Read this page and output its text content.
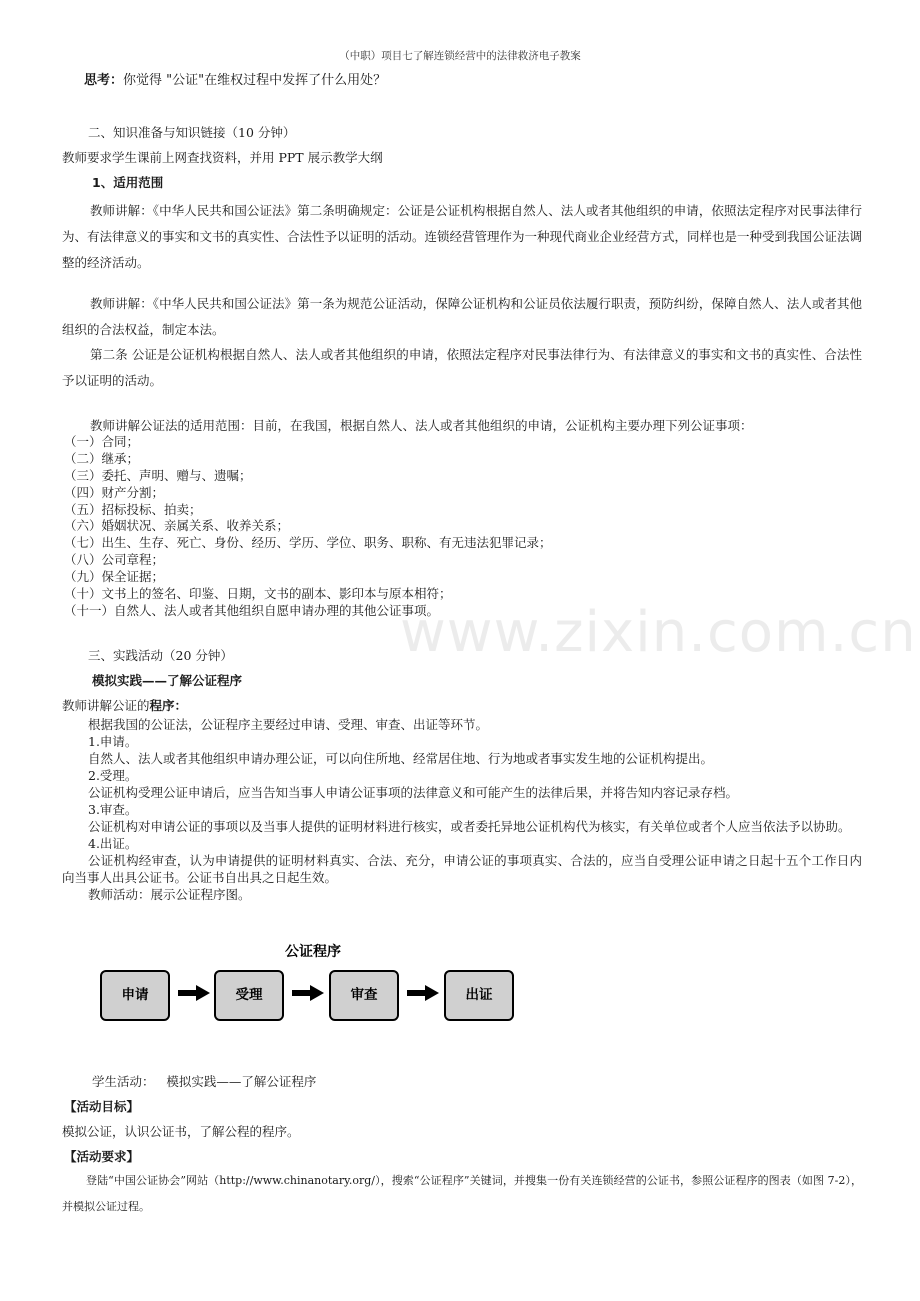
（中职）项目七了解连锁经营中的法律救济电子教案
思考：你觉得 "公证"在维权过程中发挥了什么用处？
二、知识准备与知识链接（10 分钟）
教师要求学生课前上网查找资料，并用 PPT 展示教学大纲
1、适用范围
教师讲解：《中华人民共和国公证法》第二条明确规定：公证是公证机构根据自然人、法人或者其他组织的申请，依照法定程序对民事法律行为、有法律意义的事实和文书的真实性、合法性予以证明的活动。连锁经营管理作为一种现代商业企业经营方式，同样也是一种受到我国公证法调整的经济活动。
教师讲解：《中华人民共和国公证法》第一条为规范公证活动，保障公证机构和公证员依法履行职责，预防纠纷，保障自然人、法人或者其他组织的合法权益，制定本法。
第二条 公证是公证机构根据自然人、法人或者其他组织的申请，依照法定程序对民事法律行为、有法律意义的事实和文书的真实性、合法性予以证明的活动。
教师讲解公证法的适用范围：目前，在我国，根据自然人、法人或者其他组织的申请，公证机构主要办理下列公证事项：
（一）合同；
（二）继承；
（三）委托、声明、赠与、遗嘱；
（四）财产分割；
（五）招标投标、拍卖；
（六）婚姻状况、亲属关系、收养关系；
（七）出生、生存、死亡、身份、经历、学历、学位、职务、职称、有无违法犯罪记录；
（八）公司章程；
（九）保全证据；
（十）文书上的签名、印鉴、日期，文书的副本、影印本与原本相符；
（十一）自然人、法人或者其他组织自愿申请办理的其他公证事项。
www.zixin.com.cn
三、实践活动（20 分钟）
模拟实践——了解公证程序
教师讲解公证的程序：
根据我国的公证法，公证程序主要经过申请、受理、审查、出证等环节。
1.申请。
自然人、法人或者其他组织申请办理公证，可以向住所地、经常居住地、行为地或者事实发生地的公证机构提出。
2.受理。
公证机构受理公证申请后，应当告知当事人申请公证事项的法律意义和可能产生的法律后果，并将告知内容记录存档。
3.审查。
公证机构对申请公证的事项以及当事人提供的证明材料进行核实，或者委托异地公证机构代为核实，有关单位或者个人应当依法予以协助。
4.出证。
公证机构经审查，认为申请提供的证明材料真实、合法、充分，申请公证的事项真实、合法的，应当自受理公证申请之日起十五个工作日内向当事人出具公证书。公证书自出具之日起生效。
教师活动：展示公证程序图。
公证程序
申请	受理	审查	出证
学生活动：   模拟实践——了解公证程序
【活动目标】
模拟公证，认识公证书，了解公程的程序。
【活动要求】
登陆“中国公证协会”网站（http://www.chinanotary.org/），搜索“公证程序”关键词，并搜集一份有关连锁经营的公证书，参照公证程序的图表（如图 7-2），并模拟公证过程。
